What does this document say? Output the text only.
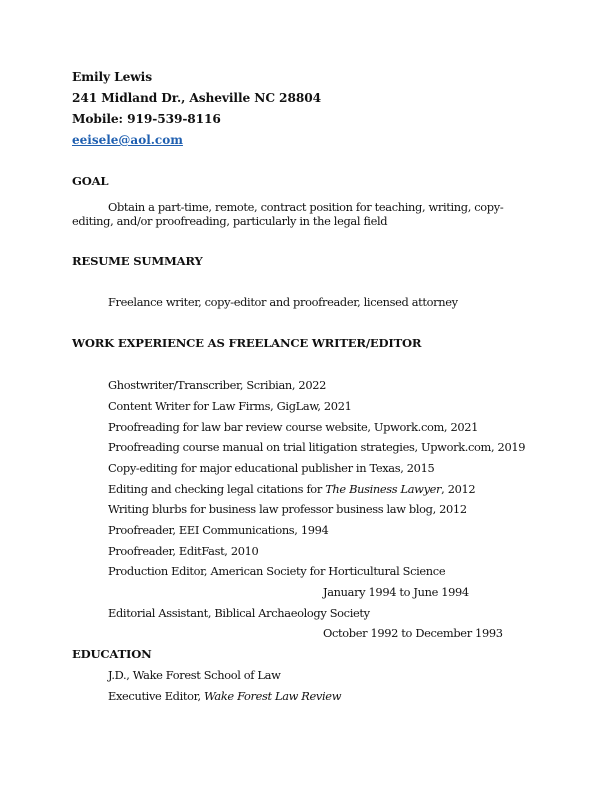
Emily Lewis
241 Midland Dr., Asheville NC 28804
Mobile: 919-539-8116
eeisele@aol.com
GOAL
Obtain a part-time, remote, contract position for teaching, writing, copy-editing, and/or proofreading, particularly in the legal field
RESUME SUMMARY
Freelance writer, copy-editor and proofreader, licensed attorney
WORK EXPERIENCE AS FREELANCE WRITER/EDITOR
Ghostwriter/Transcriber, Scribian, 2022
Content Writer for Law Firms, GigLaw, 2021
Proofreading for law bar review course website, Upwork.com, 2021
Proofreading course manual on trial litigation strategies, Upwork.com, 2019
Copy-editing for major educational publisher in Texas, 2015
Editing and checking legal citations for The Business Lawyer, 2012
Writing blurbs for business law professor business law blog, 2012
Proofreader, EEI Communications, 1994
Proofreader, EditFast, 2010
Production Editor, American Society for Horticultural Science
January 1994 to June 1994
Editorial Assistant, Biblical Archaeology Society
October 1992 to December 1993
EDUCATION
J.D., Wake Forest School of Law
Executive Editor, Wake Forest Law Review
